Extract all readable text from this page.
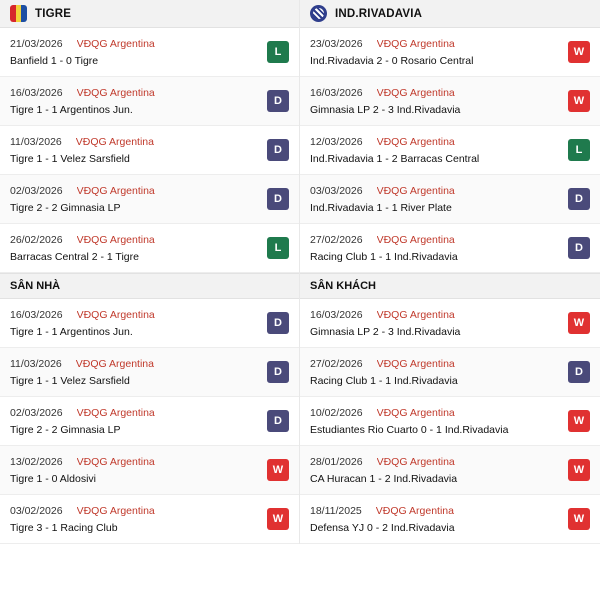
TIGRE
21/03/2026 VĐQG Argentina
Banfield 1 - 0 Tigre
L
16/03/2026 VĐQG Argentina
Tigre 1 - 1 Argentinos Jun.
D
11/03/2026 VĐQG Argentina
Tigre 1 - 1 Velez Sarsfield
D
02/03/2026 VĐQG Argentina
Tigre 2 - 2 Gimnasia LP
D
26/02/2026 VĐQG Argentina
Barracas Central 2 - 1 Tigre
L
SÂN NHÀ
16/03/2026 VĐQG Argentina
Tigre 1 - 1 Argentinos Jun.
D
11/03/2026 VĐQG Argentina
Tigre 1 - 1 Velez Sarsfield
D
02/03/2026 VĐQG Argentina
Tigre 2 - 2 Gimnasia LP
D
13/02/2026 VĐQG Argentina
Tigre 1 - 0 Aldosivi
W
03/02/2026 VĐQG Argentina
Tigre 3 - 1 Racing Club
W
IND.RIVADAVIA
23/03/2026 VĐQG Argentina
Ind.Rivadavia 2 - 0 Rosario Central
W
16/03/2026 VĐQG Argentina
Gimnasia LP 2 - 3 Ind.Rivadavia
W
12/03/2026 VĐQG Argentina
Ind.Rivadavia 1 - 2 Barracas Central
L
03/03/2026 VĐQG Argentina
Ind.Rivadavia 1 - 1 River Plate
D
27/02/2026 VĐQG Argentina
Racing Club 1 - 1 Ind.Rivadavia
D
SÂN KHÁCH
16/03/2026 VĐQG Argentina
Gimnasia LP 2 - 3 Ind.Rivadavia
W
27/02/2026 VĐQG Argentina
Racing Club 1 - 1 Ind.Rivadavia
D
10/02/2026 VĐQG Argentina
Estudiantes Rio Cuarto 0 - 1 Ind.Rivadavia
W
28/01/2026 VĐQG Argentina
CA Huracan 1 - 2 Ind.Rivadavia
W
18/11/2025 VĐQG Argentina
Defensa YJ 0 - 2 Ind.Rivadavia
W
